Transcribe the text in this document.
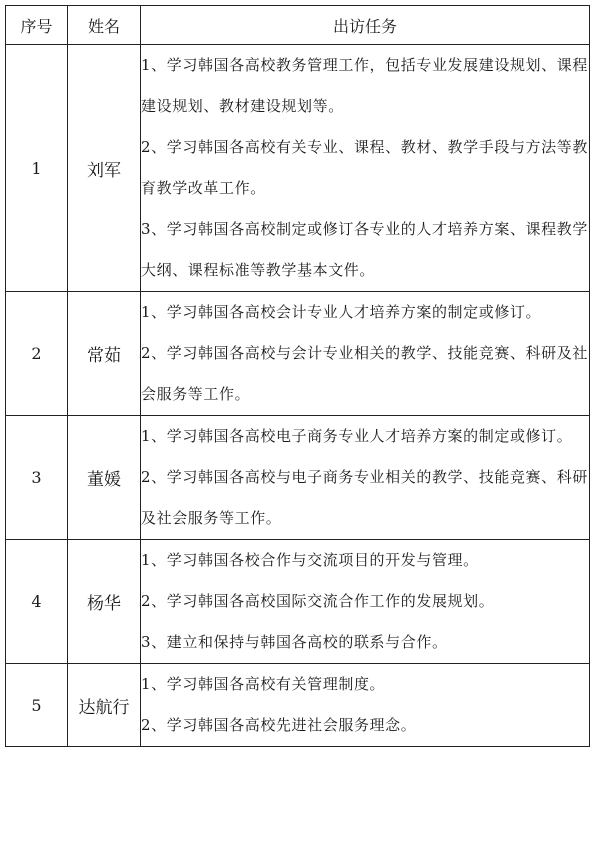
序号	姓名	出访任务
1	刘军	1、学习韩国各高校教务管理工作，包括专业发展建设规划、课程建设规划、教材建设规划等。
2、学习韩国各高校有关专业、课程、教材、教学手段与方法等教育教学改革工作。
3、学习韩国各高校制定或修订各专业的人才培养方案、课程教学大纲、课程标准等教学基本文件。

2	常茹	1、学习韩国各高校会计专业人才培养方案的制定或修订。
2、学习韩国各高校与会计专业相关的教学、技能竞赛、科研及社会服务等工作。

3	董媛	1、学习韩国各高校电子商务专业人才培养方案的制定或修订。
2、学习韩国各高校与电子商务专业相关的教学、技能竞赛、科研及社会服务等工作。

4	杨华	1、学习韩国各校合作与交流项目的开发与管理。
2、学习韩国各高校国际交流合作工作的发展规划。
3、建立和保持与韩国各高校的联系与合作。

5	达航行	1、学习韩国各高校有关管理制度。
2、学习韩国各高校先进社会服务理念。
